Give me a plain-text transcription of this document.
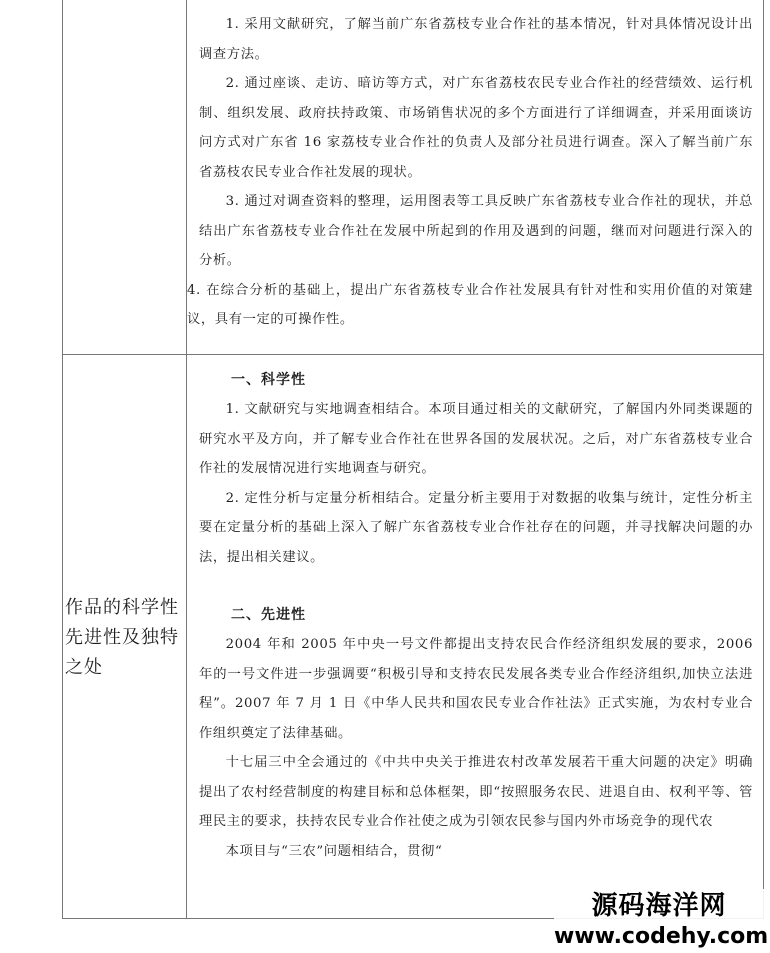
1. 采用文献研究，了解当前广东省荔枝专业合作社的基本情况，针对具体情况设计出调查方法。

2. 通过座谈、走访、暗访等方式，对广东省荔枝农民专业合作社的经营绩效、运行机制、组织发展、政府扶持政策、市场销售状况的多个方面进行了详细调查，并采用面谈访问方式对广东省 16 家荔枝专业合作社的负责人及部分社员进行调查。深入了解当前广东省荔枝农民专业合作社发展的现状。

3. 通过对调查资料的整理，运用图表等工具反映广东省荔枝专业合作社的现状，并总结出广东省荔枝专业合作社在发展中所起到的作用及遇到的问题，继而对问题进行深入的分析。

4. 在综合分析的基础上，提出广东省荔枝专业合作社发展具有针对性和实用价值的对策建议，具有一定的可操作性。

作品的科学性
先进性及独特
之处

一、科学性

1. 文献研究与实地调查相结合。本项目通过相关的文献研究，了解国内外同类课题的研究水平及方向，并了解专业合作社在世界各国的发展状况。之后，对广东省荔枝专业合作社的发展情况进行实地调查与研究。

2. 定性分析与定量分析相结合。定量分析主要用于对数据的收集与统计，定性分析主要在定量分析的基础上深入了解广东省荔枝专业合作社存在的问题，并寻找解决问题的办法，提出相关建议。

二、先进性

2004 年和 2005 年中央一号文件都提出支持农民合作经济组织发展的要求，2006 年的一号文件进一步强调要“积极引导和支持农民发展各类专业合作经济组织,加快立法进程”。2007 年 7 月 1 日《中华人民共和国农民专业合作社法》正式实施，为农村专业合作组织奠定了法律基础。

十七届三中全会通过的《中共中央关于推进农村改革发展若干重大问题的决定》明确提出了农村经营制度的构建目标和总体框架，即“按照服务农民、进退自由、权利平等、管理民主的要求，扶持农民专业合作社使之成为引领农民参与国内外市场竞争的现代农

本项目与“三农”问题相结合，贯彻“

源码海洋网
www.codehy.com
